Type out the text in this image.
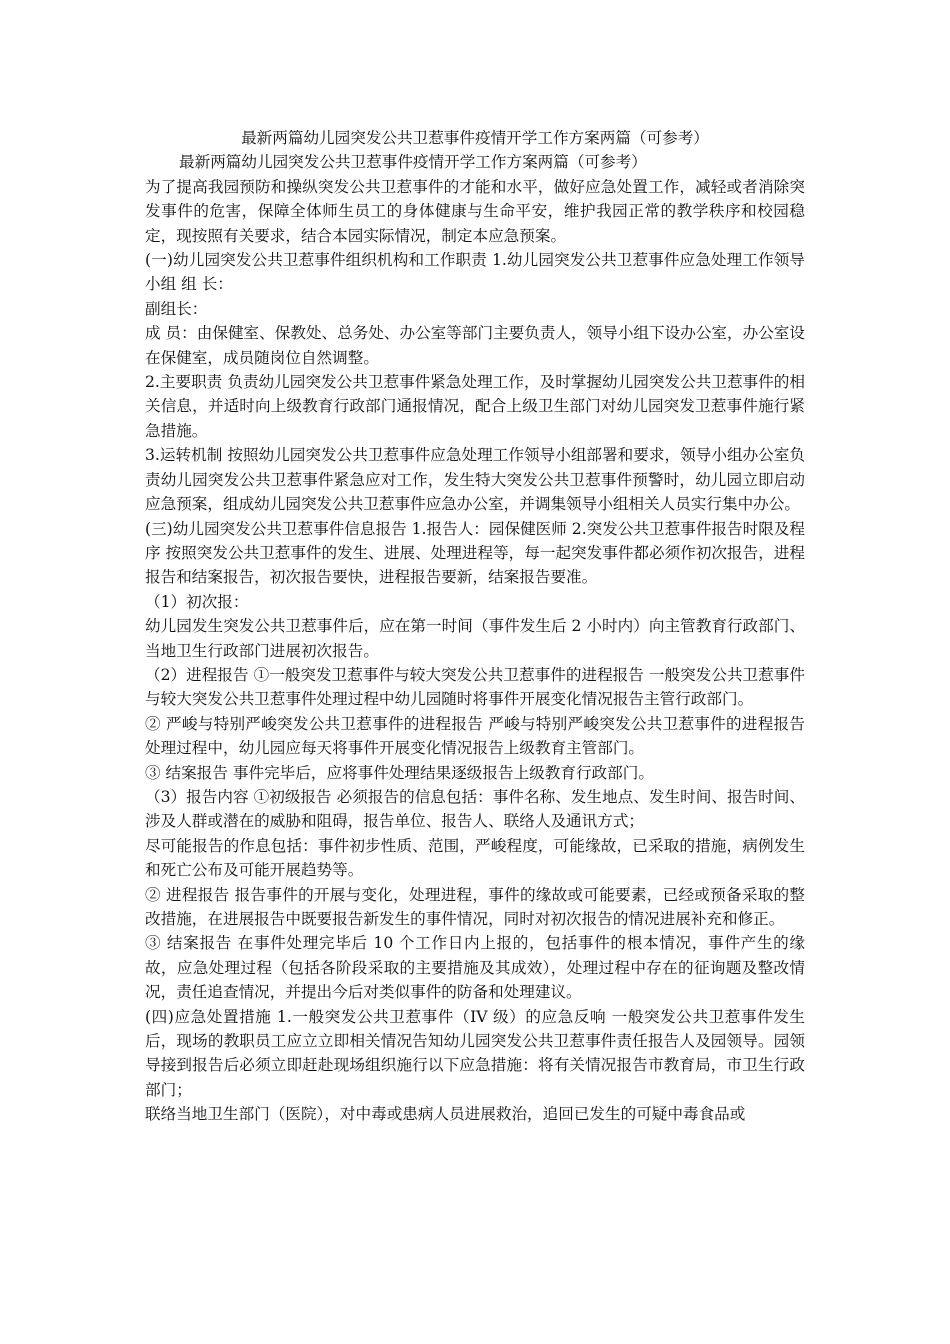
最新两篇幼儿园突发公共卫惹事件疫情开学工作方案两篇（可参考）

最新两篇幼儿园突发公共卫惹事件疫情开学工作方案两篇（可参考）

为了提高我园预防和操纵突发公共卫惹事件的才能和水平，做好应急处置工作，减轻或者消除突发事件的危害，保障全体师生员工的身体健康与生命平安，维护我园正常的教学秩序和校园稳定，现按照有关要求，结合本园实际情况，制定本应急预案。

(一)幼儿园突发公共卫惹事件组织机构和工作职责 1.幼儿园突发公共卫惹事件应急处理工作领导小组 组 长：

副组长：

成 员：由保健室、保教处、总务处、办公室等部门主要负责人，领导小组下设办公室，办公室设在保健室，成员随岗位自然调整。

2.主要职责 负责幼儿园突发公共卫惹事件紧急处理工作，及时掌握幼儿园突发公共卫惹事件的相关信息，并适时向上级教育行政部门通报情况，配合上级卫生部门对幼儿园突发卫惹事件施行紧急措施。

3.运转机制 按照幼儿园突发公共卫惹事件应急处理工作领导小组部署和要求，领导小组办公室负责幼儿园突发公共卫惹事件紧急应对工作，发生特大突发公共卫惹事件预警时，幼儿园立即启动应急预案，组成幼儿园突发公共卫惹事件应急办公室，并调集领导小组相关人员实行集中办公。

(三)幼儿园突发公共卫惹事件信息报告 1.报告人：园保健医师 2.突发公共卫惹事件报告时限及程序 按照突发公共卫惹事件的发生、进展、处理进程等，每一起突发事件都必须作初次报告，进程报告和结案报告，初次报告要快，进程报告要新，结案报告要准。

（1）初次报：

幼儿园发生突发公共卫惹事件后，应在第一时间（事件发生后 2 小时内）向主管教育行政部门、当地卫生行政部门进展初次报告。

（2）进程报告 ①一般突发卫惹事件与较大突发公共卫惹事件的进程报告 一般突发公共卫惹事件与较大突发公共卫惹事件处理过程中幼儿园随时将事件开展变化情况报告主管行政部门。

② 严峻与特别严峻突发公共卫惹事件的进程报告 严峻与特别严峻突发公共卫惹事件的进程报告处理过程中，幼儿园应每天将事件开展变化情况报告上级教育主管部门。

③ 结案报告 事件完毕后，应将事件处理结果逐级报告上级教育行政部门。

（3）报告内容 ①初级报告 必须报告的信息包括：事件名称、发生地点、发生时间、报告时间、涉及人群或潜在的威胁和阻碍，报告单位、报告人、联络人及通讯方式；

尽可能报告的作息包括：事件初步性质、范围，严峻程度，可能缘故，已采取的措施，病例发生和死亡公布及可能开展趋势等。

② 进程报告 报告事件的开展与变化，处理进程，事件的缘故或可能要素，已经或预备采取的整改措施，在进展报告中既要报告新发生的事件情况，同时对初次报告的情况进展补充和修正。

③ 结案报告 在事件处理完毕后 10 个工作日内上报的，包括事件的根本情况，事件产生的缘故，应急处理过程（包括各阶段采取的主要措施及其成效），处理过程中存在的征询题及整改情况，责任追查情况，并提出今后对类似事件的防备和处理建议。

(四)应急处置措施 1.一般突发公共卫惹事件（IV 级）的应急反响 一般突发公共卫惹事件发生后，现场的教职员工应立立即相关情况告知幼儿园突发公共卫惹事件责任报告人及园领导。园领导接到报告后必须立即赶赴现场组织施行以下应急措施：将有关情况报告市教育局，市卫生行政部门；

联络当地卫生部门（医院），对中毒或患病人员进展救治，追回已发生的可疑中毒食品或
